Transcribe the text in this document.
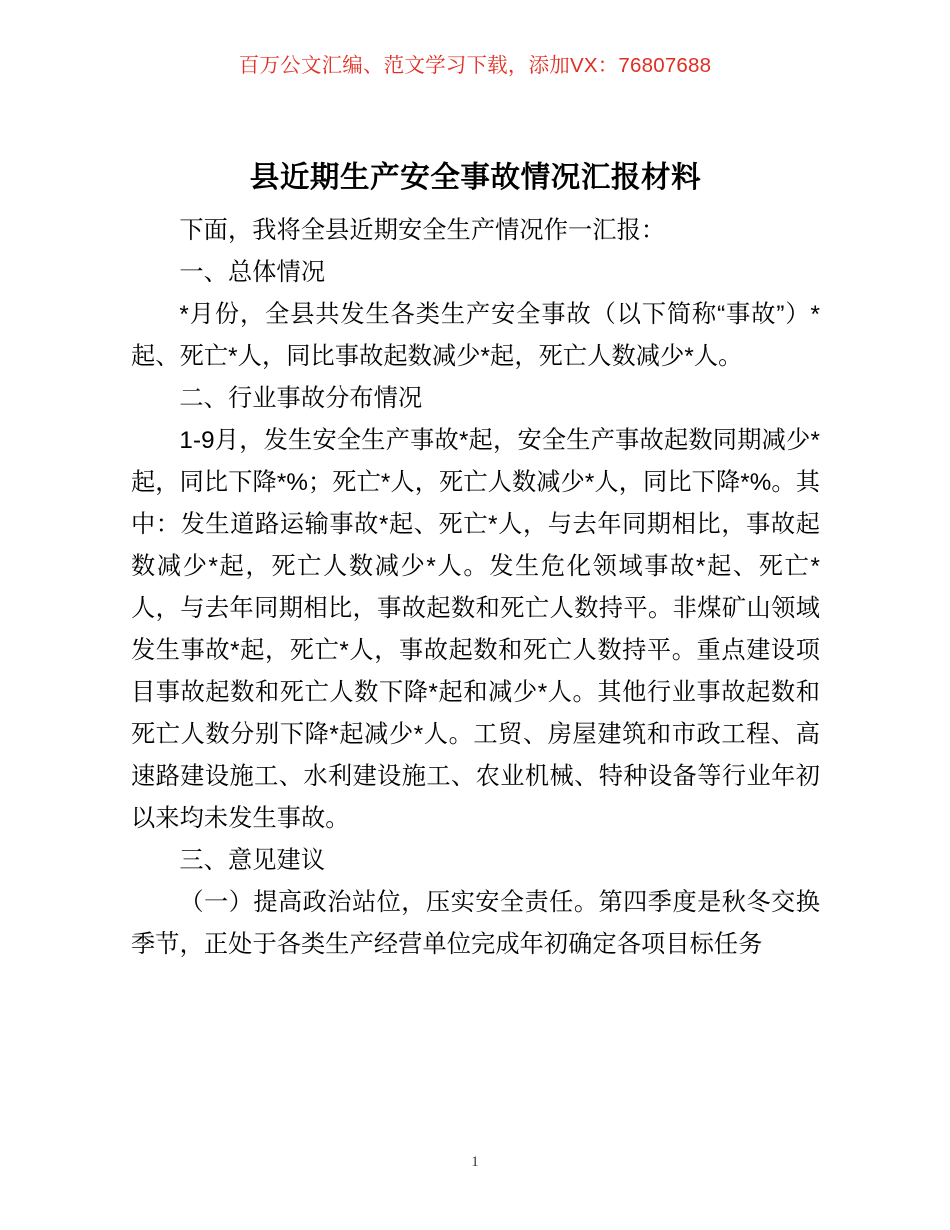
百万公文汇编、范文学习下载，添加VX：76807688
县近期生产安全事故情况汇报材料

下面，我将全县近期安全生产情况作一汇报：

一、总体情况

*月份，全县共发生各类生产安全事故（以下简称“事故”）*起、死亡*人，同比事故起数减少*起，死亡人数减少*人。

二、行业事故分布情况

1-9月，发生安全生产事故*起，安全生产事故起数同期减少*起，同比下降*%；死亡*人，死亡人数减少*人，同比下降*%。其中：发生道路运输事故*起、死亡*人，与去年同期相比，事故起数减少*起，死亡人数减少*人。发生危化领域事故*起、死亡*人，与去年同期相比，事故起数和死亡人数持平。非煤矿山领域发生事故*起，死亡*人，事故起数和死亡人数持平。重点建设项目事故起数和死亡人数下降*起和减少*人。其他行业事故起数和死亡人数分别下降*起减少*人。工贸、房屋建筑和市政工程、高速路建设施工、水利建设施工、农业机械、特种设备等行业年初以来均未发生事故。

三、意见建议

（一）提高政治站位，压实安全责任。第四季度是秋冬交换季节，正处于各类生产经营单位完成年初确定各项目标任务

1
